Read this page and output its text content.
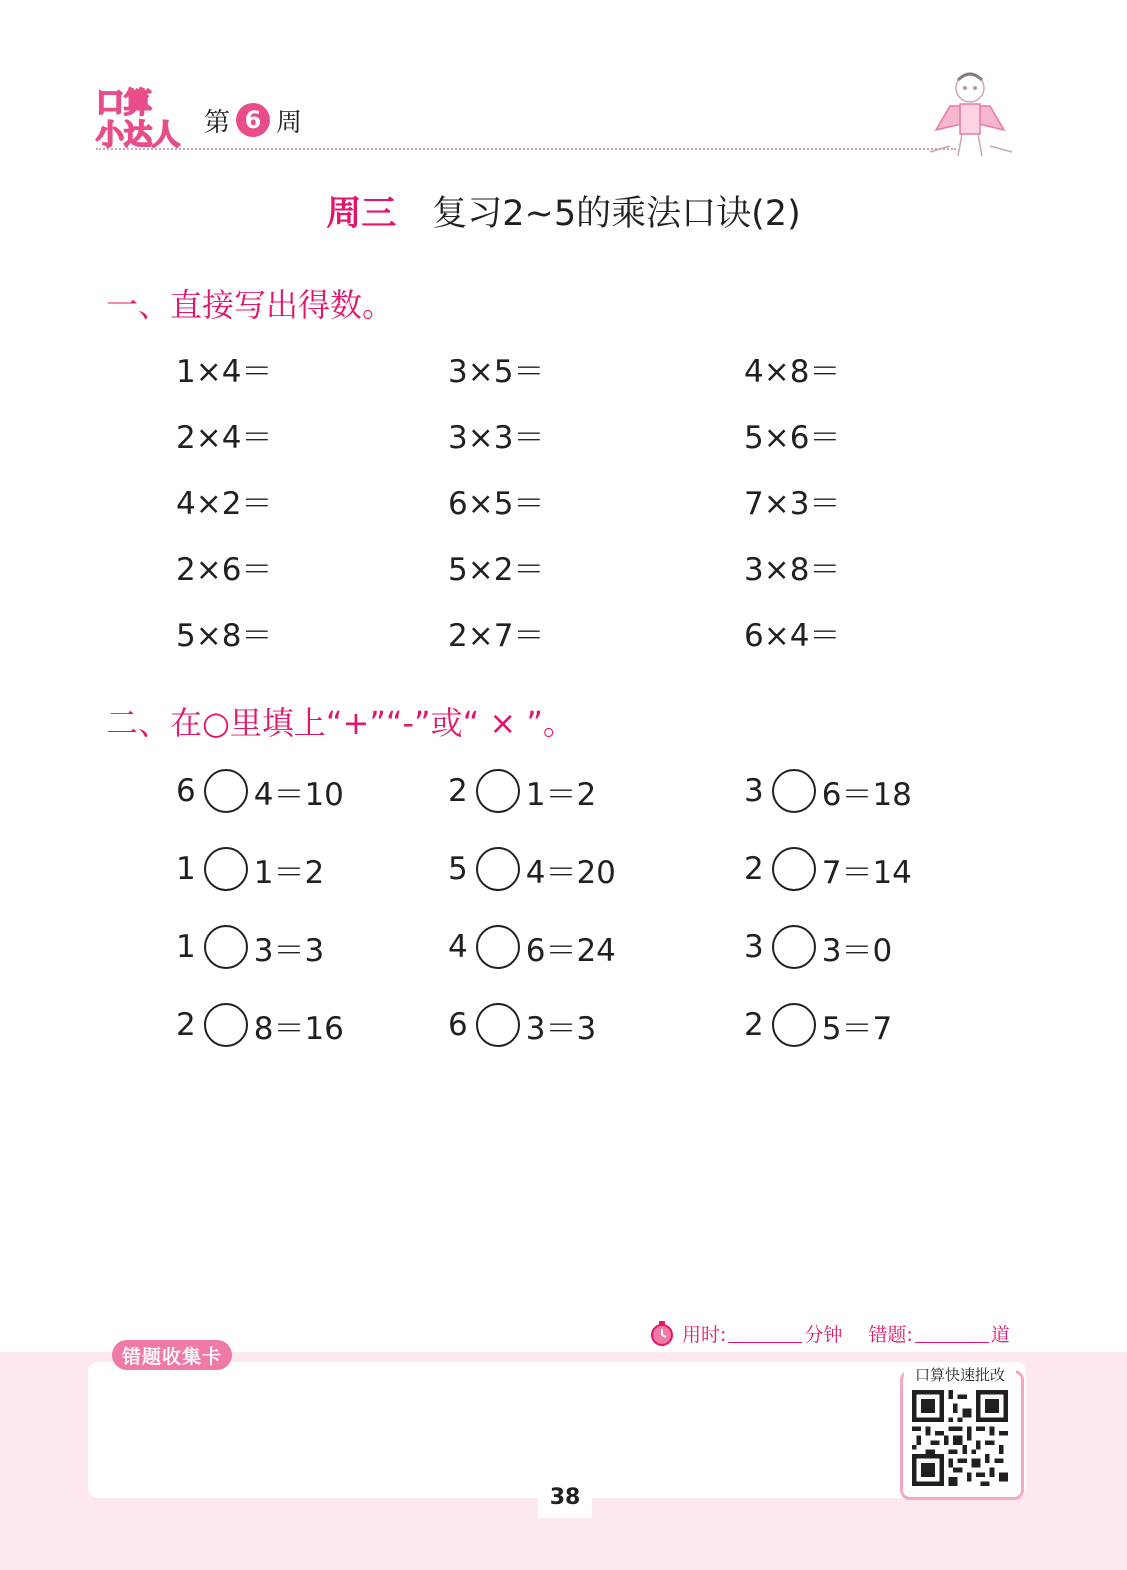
口算
小达人 第 6 周
周三 复习2~5的乘法口诀(2)
一、直接写出得数。
1×4＝	3×5＝	4×8＝
2×4＝	3×3＝	5×6＝
4×2＝	6×5＝	7×3＝
2×6＝	5×2＝	3×8＝
5×8＝	2×7＝	6×4＝
二、在○里填上“+”“-”或“ × ”。
6 4＝10	2 1＝2	3 6＝18
1 1＝2	5 4＝20	2 7＝14
1 3＝3	4 6＝24	3 3＝0
2 8＝16	6 3＝3	2 5＝7
错题收集卡
用时:	分钟 错题:	道
口算快速批改
38
